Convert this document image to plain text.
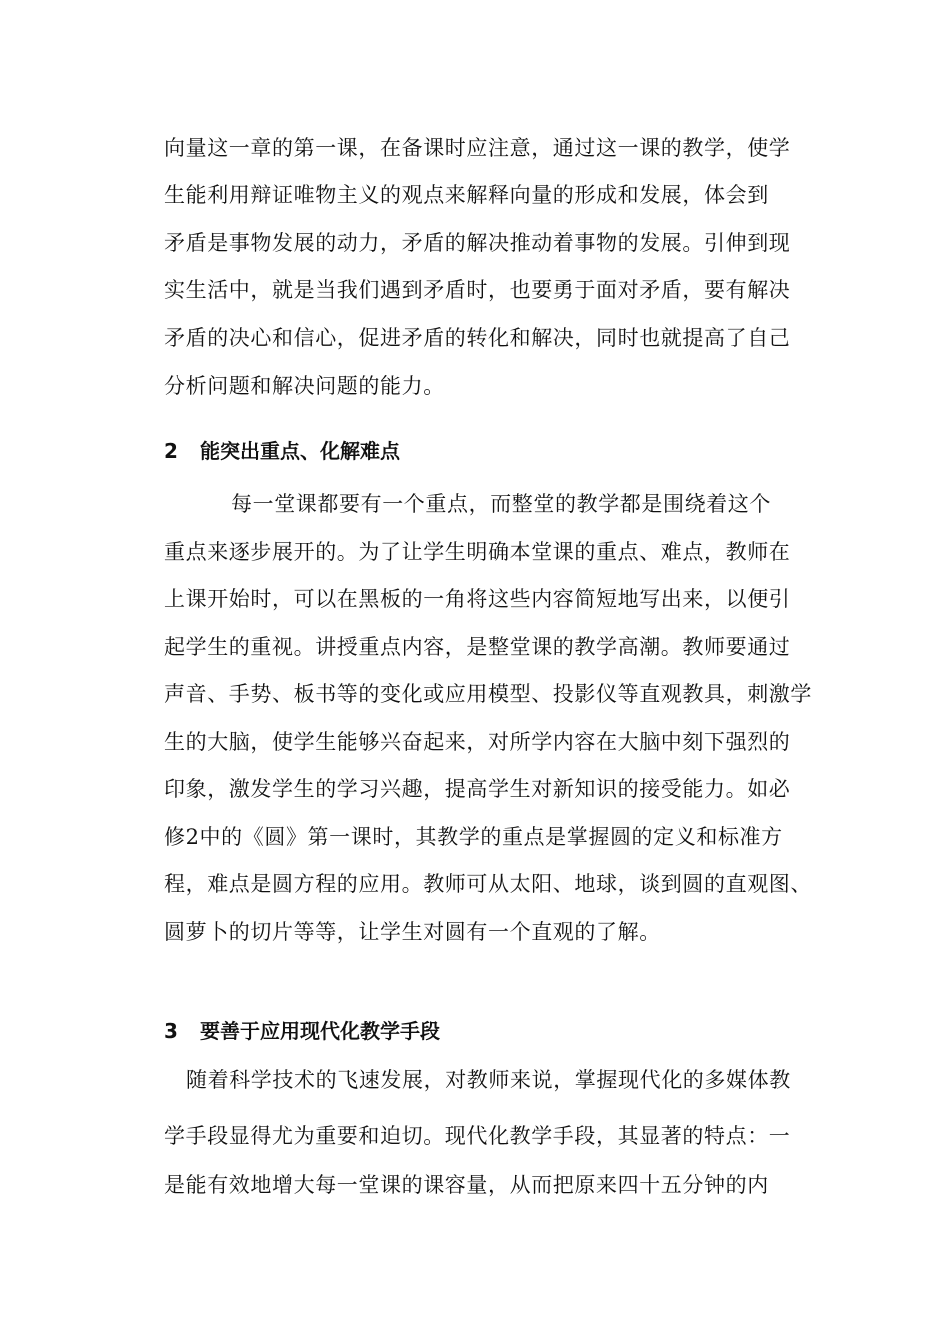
向量这一章的第一课，在备课时应注意，通过这一课的教学，使学
生能利用辩证唯物主义的观点来解释向量的形成和发展，体会到
矛盾是事物发展的动力，矛盾的解决推动着事物的发展。引伸到现
实生活中，就是当我们遇到矛盾时，也要勇于面对矛盾，要有解决
矛盾的决心和信心，促进矛盾的转化和解决，同时也就提高了自己
分析问题和解决问题的能力。
2 能突出重点、化解难点
每一堂课都要有一个重点，而整堂的教学都是围绕着这个
重点来逐步展开的。为了让学生明确本堂课的重点、难点，教师在
上课开始时，可以在黑板的一角将这些内容简短地写出来，以便引
起学生的重视。讲授重点内容，是整堂课的教学高潮。教师要通过
声音、手势、板书等的变化或应用模型、投影仪等直观教具，刺激学
生的大脑，使学生能够兴奋起来，对所学内容在大脑中刻下强烈的
印象，激发学生的学习兴趣，提高学生对新知识的接受能力。如必
修2中的《圆》第一课时，其教学的重点是掌握圆的定义和标准方
程，难点是圆方程的应用。教师可从太阳、地球，谈到圆的直观图、
圆萝卜的切片等等，让学生对圆有一个直观的了解。
3 要善于应用现代化教学手段
随着科学技术的飞速发展，对教师来说，掌握现代化的多媒体教
学手段显得尤为重要和迫切。现代化教学手段，其显著的特点：一
是能有效地增大每一堂课的课容量，从而把原来四十五分钟的内
